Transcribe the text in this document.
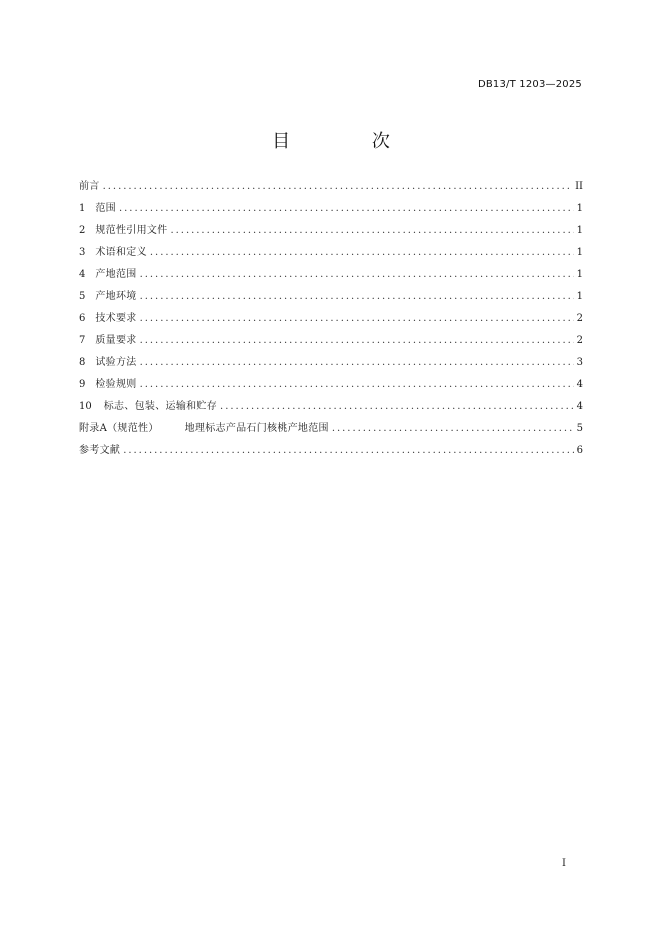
DB13/T 1203—2025
目 次
前言 . . .	II
1 范围 . . .	1
2 规范性引用文件 . . .	1
3 术语和定义 . . .	1
4 产地范围 . . .	1
5 产地环境 . . .	1
6 技术要求 . . .	2
7 质量要求 . . .	2
8 试验方法 . . .	3
9 检验规则 . . .	4
10 标志、包装、运输和贮存 . . .	4
附录A（规范性）	地理标志产品石门核桃产地范围 . . .	5
参考文献 . . .	6
I
